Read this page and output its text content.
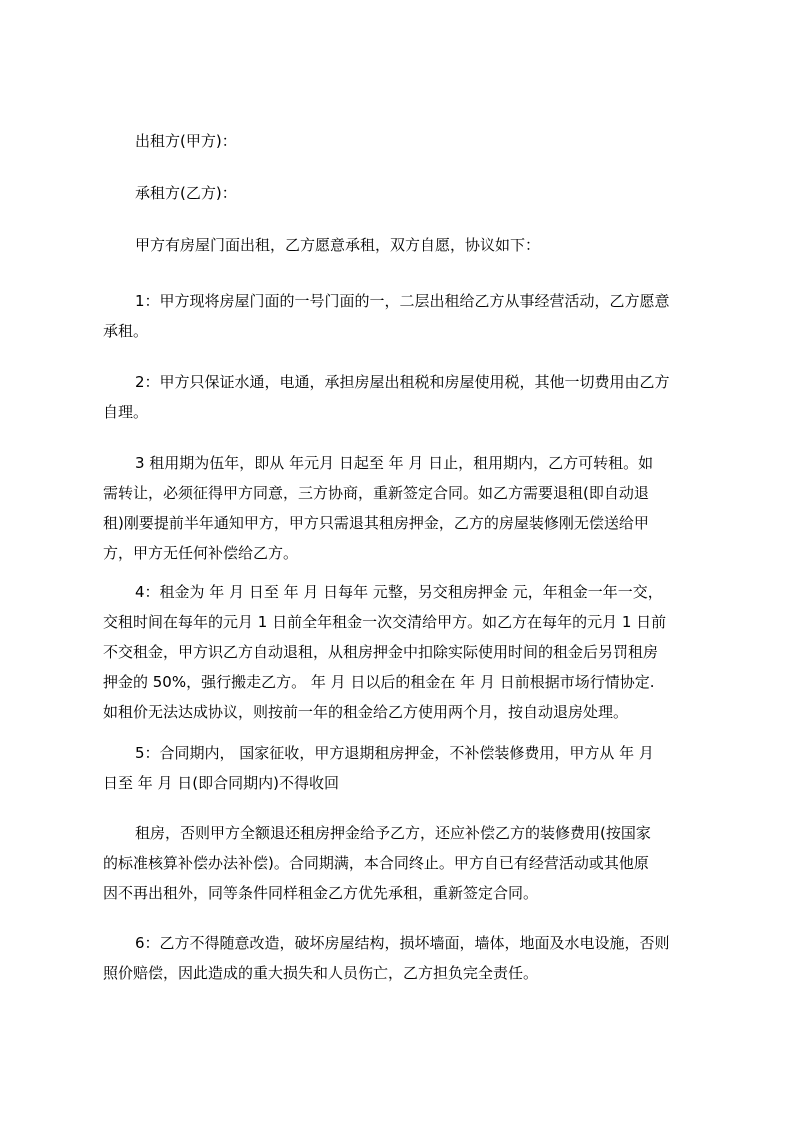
出租方(甲方)：

承租方(乙方)：

甲方有房屋门面出租，乙方愿意承租，双方自愿，协议如下：

1：甲方现将房屋门面的一号门面的一，二层出租给乙方从事经营活动，乙方愿意
承租。

2：甲方只保证水通，电通，承担房屋出租税和房屋使用税，其他一切费用由乙方
自理。

3 租用期为伍年，即从 年元月 日起至 年 月 日止，租用期内，乙方可转租。如
需转让，必须征得甲方同意，三方协商，重新签定合同。如乙方需要退租(即自动退
租)刚要提前半年通知甲方，甲方只需退其租房押金，乙方的房屋装修刚无偿送给甲
方，甲方无任何补偿给乙方。

4：租金为 年 月 日至 年 月 日每年 元整，另交租房押金 元，年租金一年一交，
交租时间在每年的元月 1 日前全年租金一次交清给甲方。如乙方在每年的元月 1 日前
不交租金，甲方识乙方自动退租，从租房押金中扣除实际使用时间的租金后另罚租房
押金的 50%，强行搬走乙方。 年 月 日以后的租金在 年 月 日前根据市场行情协定.
如租价无法达成协议，则按前一年的租金给乙方使用两个月，按自动退房处理。

5：合同期内， 国家征收，甲方退期租房押金，不补偿装修费用，甲方从 年 月
日至 年 月 日(即合同期内)不得收回

租房，否则甲方全额退还租房押金给予乙方，还应补偿乙方的装修费用(按国家
的标准核算补偿办法补偿)。合同期满，本合同终止。甲方自已有经营活动或其他原
因不再出租外，同等条件同样租金乙方优先承租，重新签定合同。

6：乙方不得随意改造，破坏房屋结构，损坏墙面，墙体，地面及水电设施，否则
照价赔偿，因此造成的重大损失和人员伤亡，乙方担负完全责任。
